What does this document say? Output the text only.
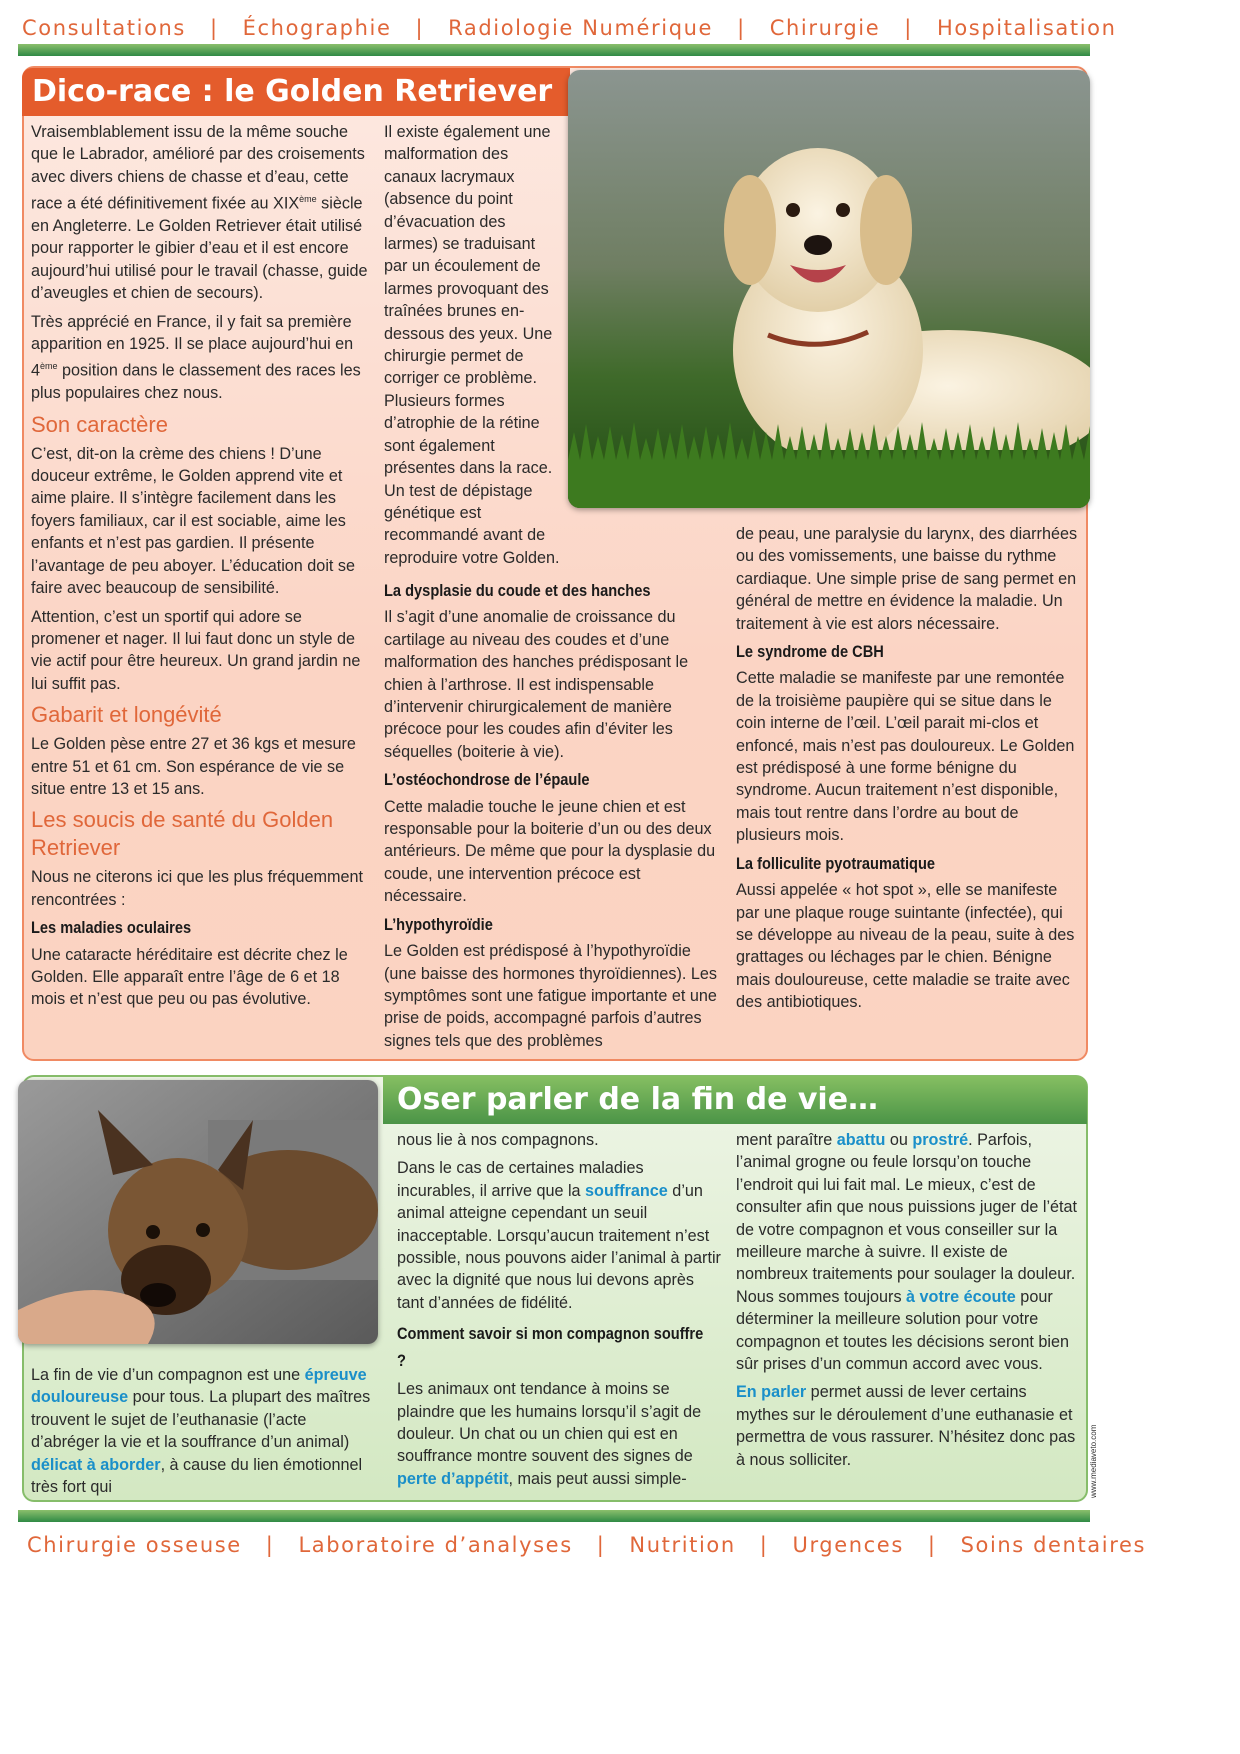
Consultations | Échographie | Radiologie Numérique | Chirurgie | Hospitalisation
Dico-race : le Golden Retriever

Vraisemblablement issu de la même souche que le Labrador, amélioré par des croisements avec divers chiens de chasse et d’eau, cette race a été définitivement fixée au XIXème siècle en Angleterre. Le Golden Retriever était utilisé pour rapporter le gibier d’eau et il est encore aujourd’hui utilisé pour le travail (chasse, guide d’aveugles et chien de secours).

Très apprécié en France, il y fait sa première apparition en 1925. Il se place aujourd’hui en 4ème position dans le classement des races les plus populaires chez nous.

Son caractère

C’est, dit-on la crème des chiens ! D’une douceur extrême, le Golden apprend vite et aime plaire. Il s’intègre facilement dans les foyers familiaux, car il est sociable, aime les enfants et n’est pas gardien. Il présente l’avantage de peu aboyer. L’éducation doit se faire avec beaucoup de sensibilité.

Attention, c’est un sportif qui adore se promener et nager. Il lui faut donc un style de vie actif pour être heureux. Un grand jardin ne lui suffit pas.

Gabarit et longévité

Le Golden pèse entre 27 et 36 kgs et mesure entre 51 et 61 cm. Son espérance de vie se situe entre 13 et 15 ans.

Les soucis de santé du Golden Retriever

Nous ne citerons ici que les plus fréquemment rencontrées :

Les maladies oculaires

Une cataracte héréditaire est décrite chez le Golden. Elle apparaît entre l’âge de 6 et 18 mois et n’est que peu ou pas évolutive.

Il existe également une malformation des canaux lacrymaux (absence du point d’évacuation des larmes) se traduisant par un écoulement de larmes provoquant des traînées brunes en-dessous des yeux. Une chirurgie permet de corriger ce problème. Plusieurs formes d’atrophie de la rétine sont également présentes dans la race. Un test de dépistage génétique est recommandé avant de reproduire votre Golden.

La dysplasie du coude et des hanches

Il s’agit d’une anomalie de croissance du cartilage au niveau des coudes et d’une malformation des hanches prédisposant le chien à l’arthrose. Il est indispensable d’intervenir chirurgicalement de manière précoce pour les coudes afin d’éviter les séquelles (boiterie à vie).

L’ostéochondrose de l’épaule

Cette maladie touche le jeune chien et est responsable pour la boiterie d’un ou des deux antérieurs. De même que pour la dysplasie du coude, une intervention précoce est nécessaire.

L’hypothyroïdie

Le Golden est prédisposé à l’hypothyroïdie (une baisse des hormones thyroïdiennes). Les symptômes sont une fatigue importante et une prise de poids, accompagné parfois d’autres signes tels que des problèmes

de peau, une paralysie du larynx, des diarrhées ou des vomissements, une baisse du rythme cardiaque. Une simple prise de sang permet en général de mettre en évidence la maladie. Un traitement à vie est alors nécessaire.

Le syndrome de CBH

Cette maladie se manifeste par une remontée de la troisième paupière qui se situe dans le coin interne de l’œil. L’œil parait mi-clos et enfoncé, mais n’est pas douloureux. Le Golden est prédisposé à une forme bénigne du syndrome. Aucun traitement n’est disponible, mais tout rentre dans l’ordre au bout de plusieurs mois.

La folliculite pyotraumatique

Aussi appelée « hot spot », elle se manifeste par une plaque rouge suintante (infectée), qui se développe au niveau de la peau, suite à des grattages ou léchages par le chien. Bénigne mais douloureuse, cette maladie se traite avec des antibiotiques.

Oser parler de la fin de vie…

La fin de vie d’un compagnon est une épreuve douloureuse pour tous. La plupart des maîtres trouvent le sujet de l’euthanasie (l’acte d’abréger la vie et la souffrance d’un animal) délicat à aborder, à cause du lien émotionnel très fort qui

nous lie à nos compagnons.

Dans le cas de certaines maladies incurables, il arrive que la souffrance d’un animal atteigne cependant un seuil inacceptable. Lorsqu’aucun traitement n’est possible, nous pouvons aider l’animal à partir avec la dignité que nous lui devons après tant d’années de fidélité.

Comment savoir si mon compagnon souffre ?

Les animaux ont tendance à moins se plaindre que les humains lorsqu’il s’agit de douleur. Un chat ou un chien qui est en souffrance montre souvent des signes de perte d’appétit, mais peut aussi simple-

ment paraître abattu ou prostré. Parfois, l’animal grogne ou feule lorsqu’on touche l’endroit qui lui fait mal. Le mieux, c’est de consulter afin que nous puissions juger de l’état de votre compagnon et vous conseiller sur la meilleure marche à suivre. Il existe de nombreux traitements pour soulager la douleur. Nous sommes toujours à votre écoute pour déterminer la meilleure solution pour votre compagnon et toutes les décisions seront bien sûr prises d’un commun accord avec vous.

En parler permet aussi de lever certains mythes sur le déroulement d’une euthanasie et permettra de vous rassurer. N’hésitez donc pas à nous solliciter.	www.mediaveto.com
Chirurgie osseuse | Laboratoire d’analyses | Nutrition | Urgences | Soins dentaires
